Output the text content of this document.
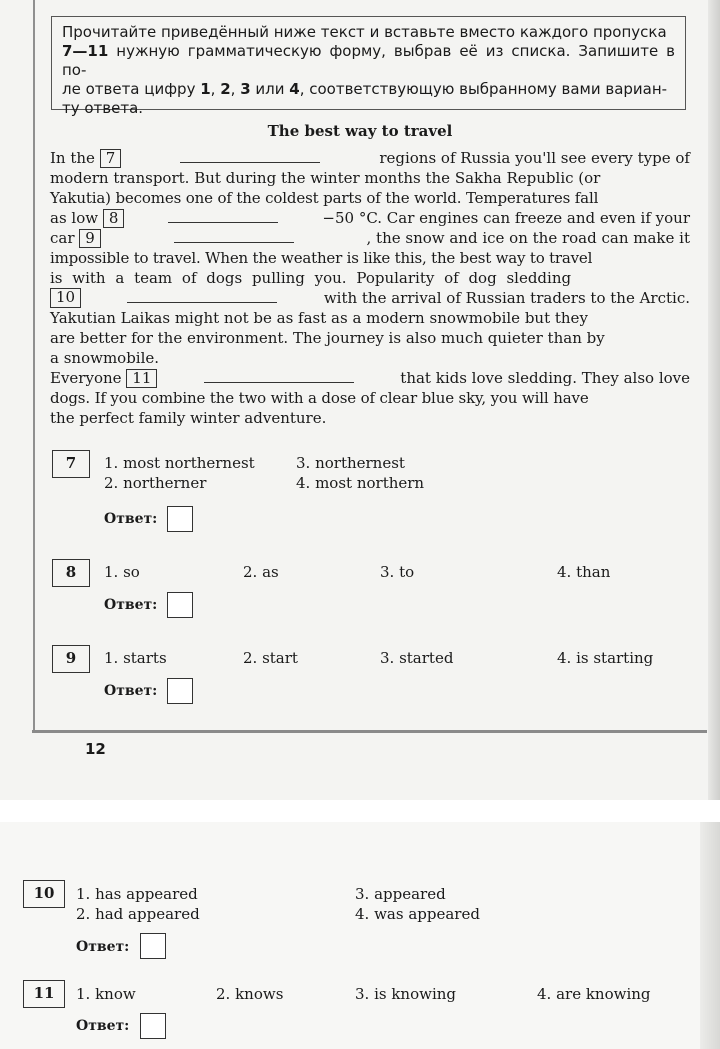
Прочитайте приведённый ниже текст и вставьте вместо каждого пропуска
7—11 нужную грамматическую форму, выбрав её из списка. Запишите в по-
ле ответа цифру 1, 2, 3 или 4, соответствующую выбранному вами вариан-
ту ответа.
The best way to travel
In the 7	regions of Russia you'll see every type of
modern transport. But during the winter months the Sakha Republic (or
Yakutia) becomes one of the coldest parts of the world. Temperatures fall
as low 8	−50 °C. Car engines can freeze and even if your
car 9	, the snow and ice on the road can make it
impossible to travel. When the weather is like this, the best way to travel
is with a team of dogs pulling you. Popularity of dog sledding
10	with the arrival of Russian traders to the Arctic.
Yakutian Laikas might not be as fast as a modern snowmobile but they
are better for the environment. The journey is also much quieter than by
a snowmobile.
Everyone 11	that kids love sledding. They also love
dogs. If you combine the two with a dose of clear blue sky, you will have
the perfect family winter adventure.
7	1. most northernest
2. northerner
3. northernest
4. most northern
Ответ:
8	1. so	2. as	3. to	4. than
Ответ:
9	1. starts	2. start	3. started	4. is starting
Ответ:
12
10	1. has appeared
2. had appeared
3. appeared
4. was appeared
Ответ:
11	1. know	2. knows	3. is knowing	4. are knowing
Ответ:
